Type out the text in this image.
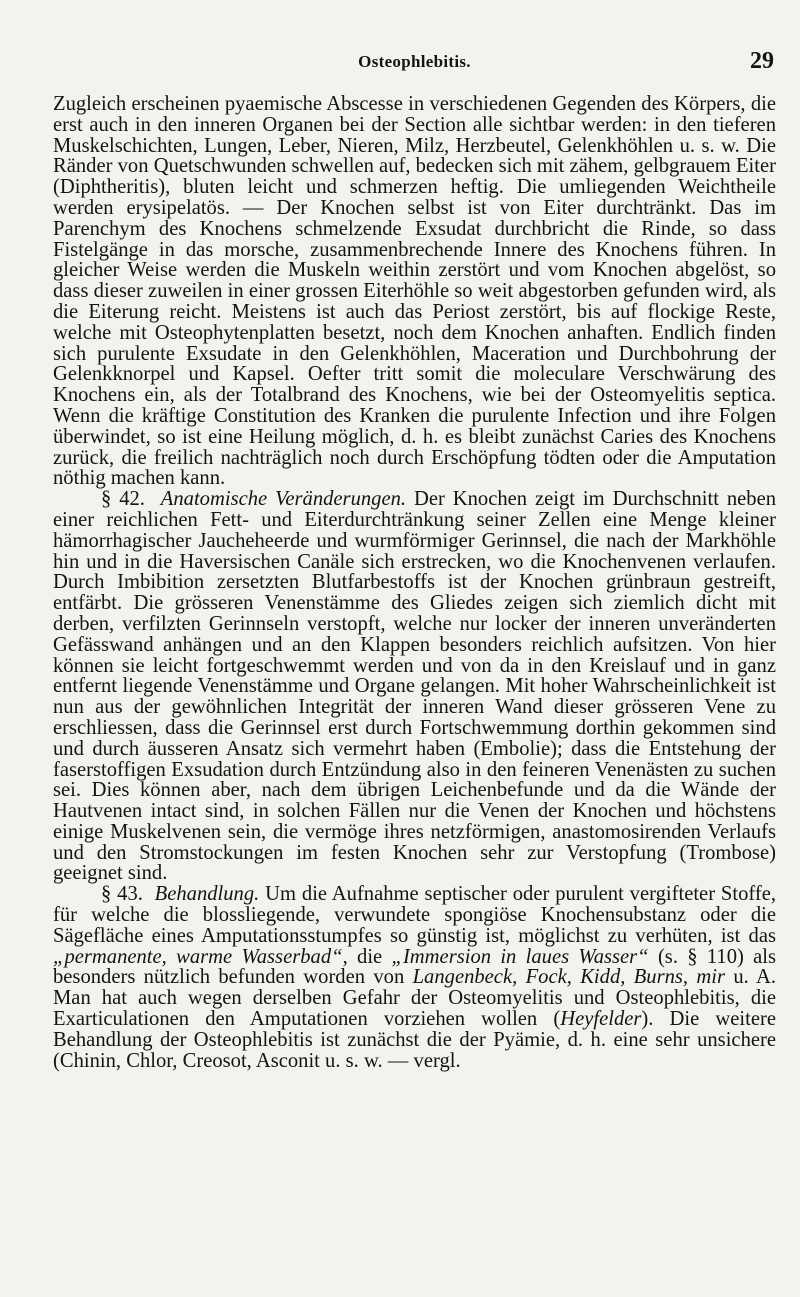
Osteophlebitis.	29

Zugleich erscheinen pyaemische Abscesse in verschiedenen Gegenden des Körpers, die erst auch in den inneren Organen bei der Section alle sichtbar werden: in den tieferen Muskelschichten, Lungen, Leber, Nieren, Milz, Herzbeutel, Gelenkhöhlen u. s. w. Die Ränder von Quetschwunden schwellen auf, bedecken sich mit zähem, gelbgrauem Eiter (Diphtheritis), bluten leicht und schmerzen heftig. Die umliegenden Weichtheile werden erysipelatös. — Der Knochen selbst ist von Eiter durchtränkt. Das im Parenchym des Knochens schmelzende Exsudat durchbricht die Rinde, so dass Fistelgänge in das morsche, zusammenbrechende Innere des Knochens führen. In gleicher Weise werden die Muskeln weithin zerstört und vom Knochen abgelöst, so dass dieser zuweilen in einer grossen Eiterhöhle so weit abgestorben gefunden wird, als die Eiterung reicht. Meistens ist auch das Periost zerstört, bis auf flockige Reste, welche mit Osteophytenplatten besetzt, noch dem Knochen anhaften. Endlich finden sich purulente Exsudate in den Gelenkhöhlen, Maceration und Durchbohrung der Gelenkknorpel und Kapsel. Oefter tritt somit die moleculare Verschwärung des Knochens ein, als der Totalbrand des Knochens, wie bei der Osteomyelitis septica. Wenn die kräftige Constitution des Kranken die purulente Infection und ihre Folgen überwindet, so ist eine Heilung möglich, d. h. es bleibt zunächst Caries des Knochens zurück, die freilich nachträglich noch durch Erschöpfung tödten oder die Amputation nöthig machen kann.

§ 42. Anatomische Veränderungen. Der Knochen zeigt im Durchschnitt neben einer reichlichen Fett- und Eiterdurchtränkung seiner Zellen eine Menge kleiner hämorrhagischer Jaucheheerde und wurmförmiger Gerinnsel, die nach der Markhöhle hin und in die Haversischen Canäle sich erstrecken, wo die Knochenvenen verlaufen. Durch Imbibition zersetzten Blutfarbestoffs ist der Knochen grünbraun gestreift, entfärbt. Die grösseren Venenstämme des Gliedes zeigen sich ziemlich dicht mit derben, verfilzten Gerinnseln verstopft, welche nur locker der inneren unveränderten Gefässwand anhängen und an den Klappen besonders reichlich aufsitzen. Von hier können sie leicht fortgeschwemmt werden und von da in den Kreislauf und in ganz entfernt liegende Venenstämme und Organe gelangen. Mit hoher Wahrscheinlichkeit ist nun aus der gewöhnlichen Integrität der inneren Wand dieser grösseren Vene zu erschliessen, dass die Gerinnsel erst durch Fortschwemmung dorthin gekommen sind und durch äusseren Ansatz sich vermehrt haben (Embolie); dass die Entstehung der faserstoffigen Exsudation durch Entzündung also in den feineren Venenästen zu suchen sei. Dies können aber, nach dem übrigen Leichenbefunde und da die Wände der Hautvenen intact sind, in solchen Fällen nur die Venen der Knochen und höchstens einige Muskelvenen sein, die vermöge ihres netzförmigen, anastomosirenden Verlaufs und den Stromstockungen im festen Knochen sehr zur Verstopfung (Trombose) geeignet sind.

§ 43. Behandlung. Um die Aufnahme septischer oder purulent vergifteter Stoffe, für welche die blossliegende, verwundete spongiöse Knochensubstanz oder die Sägefläche eines Amputationsstumpfes so günstig ist, möglichst zu verhüten, ist das „permanente, warme Wasserbad“, die „Immersion in laues Wasser“ (s. § 110) als besonders nützlich befunden worden von Langenbeck, Fock, Kidd, Burns, mir u. A. Man hat auch wegen derselben Gefahr der Osteomyelitis und Osteophlebitis, die Exarticulationen den Amputationen vorziehen wollen (Heyfelder). Die weitere Behandlung der Osteophlebitis ist zunächst die der Pyämie, d. h. eine sehr unsichere (Chinin, Chlor, Creosot, Asconit u. s. w. — vergl.
